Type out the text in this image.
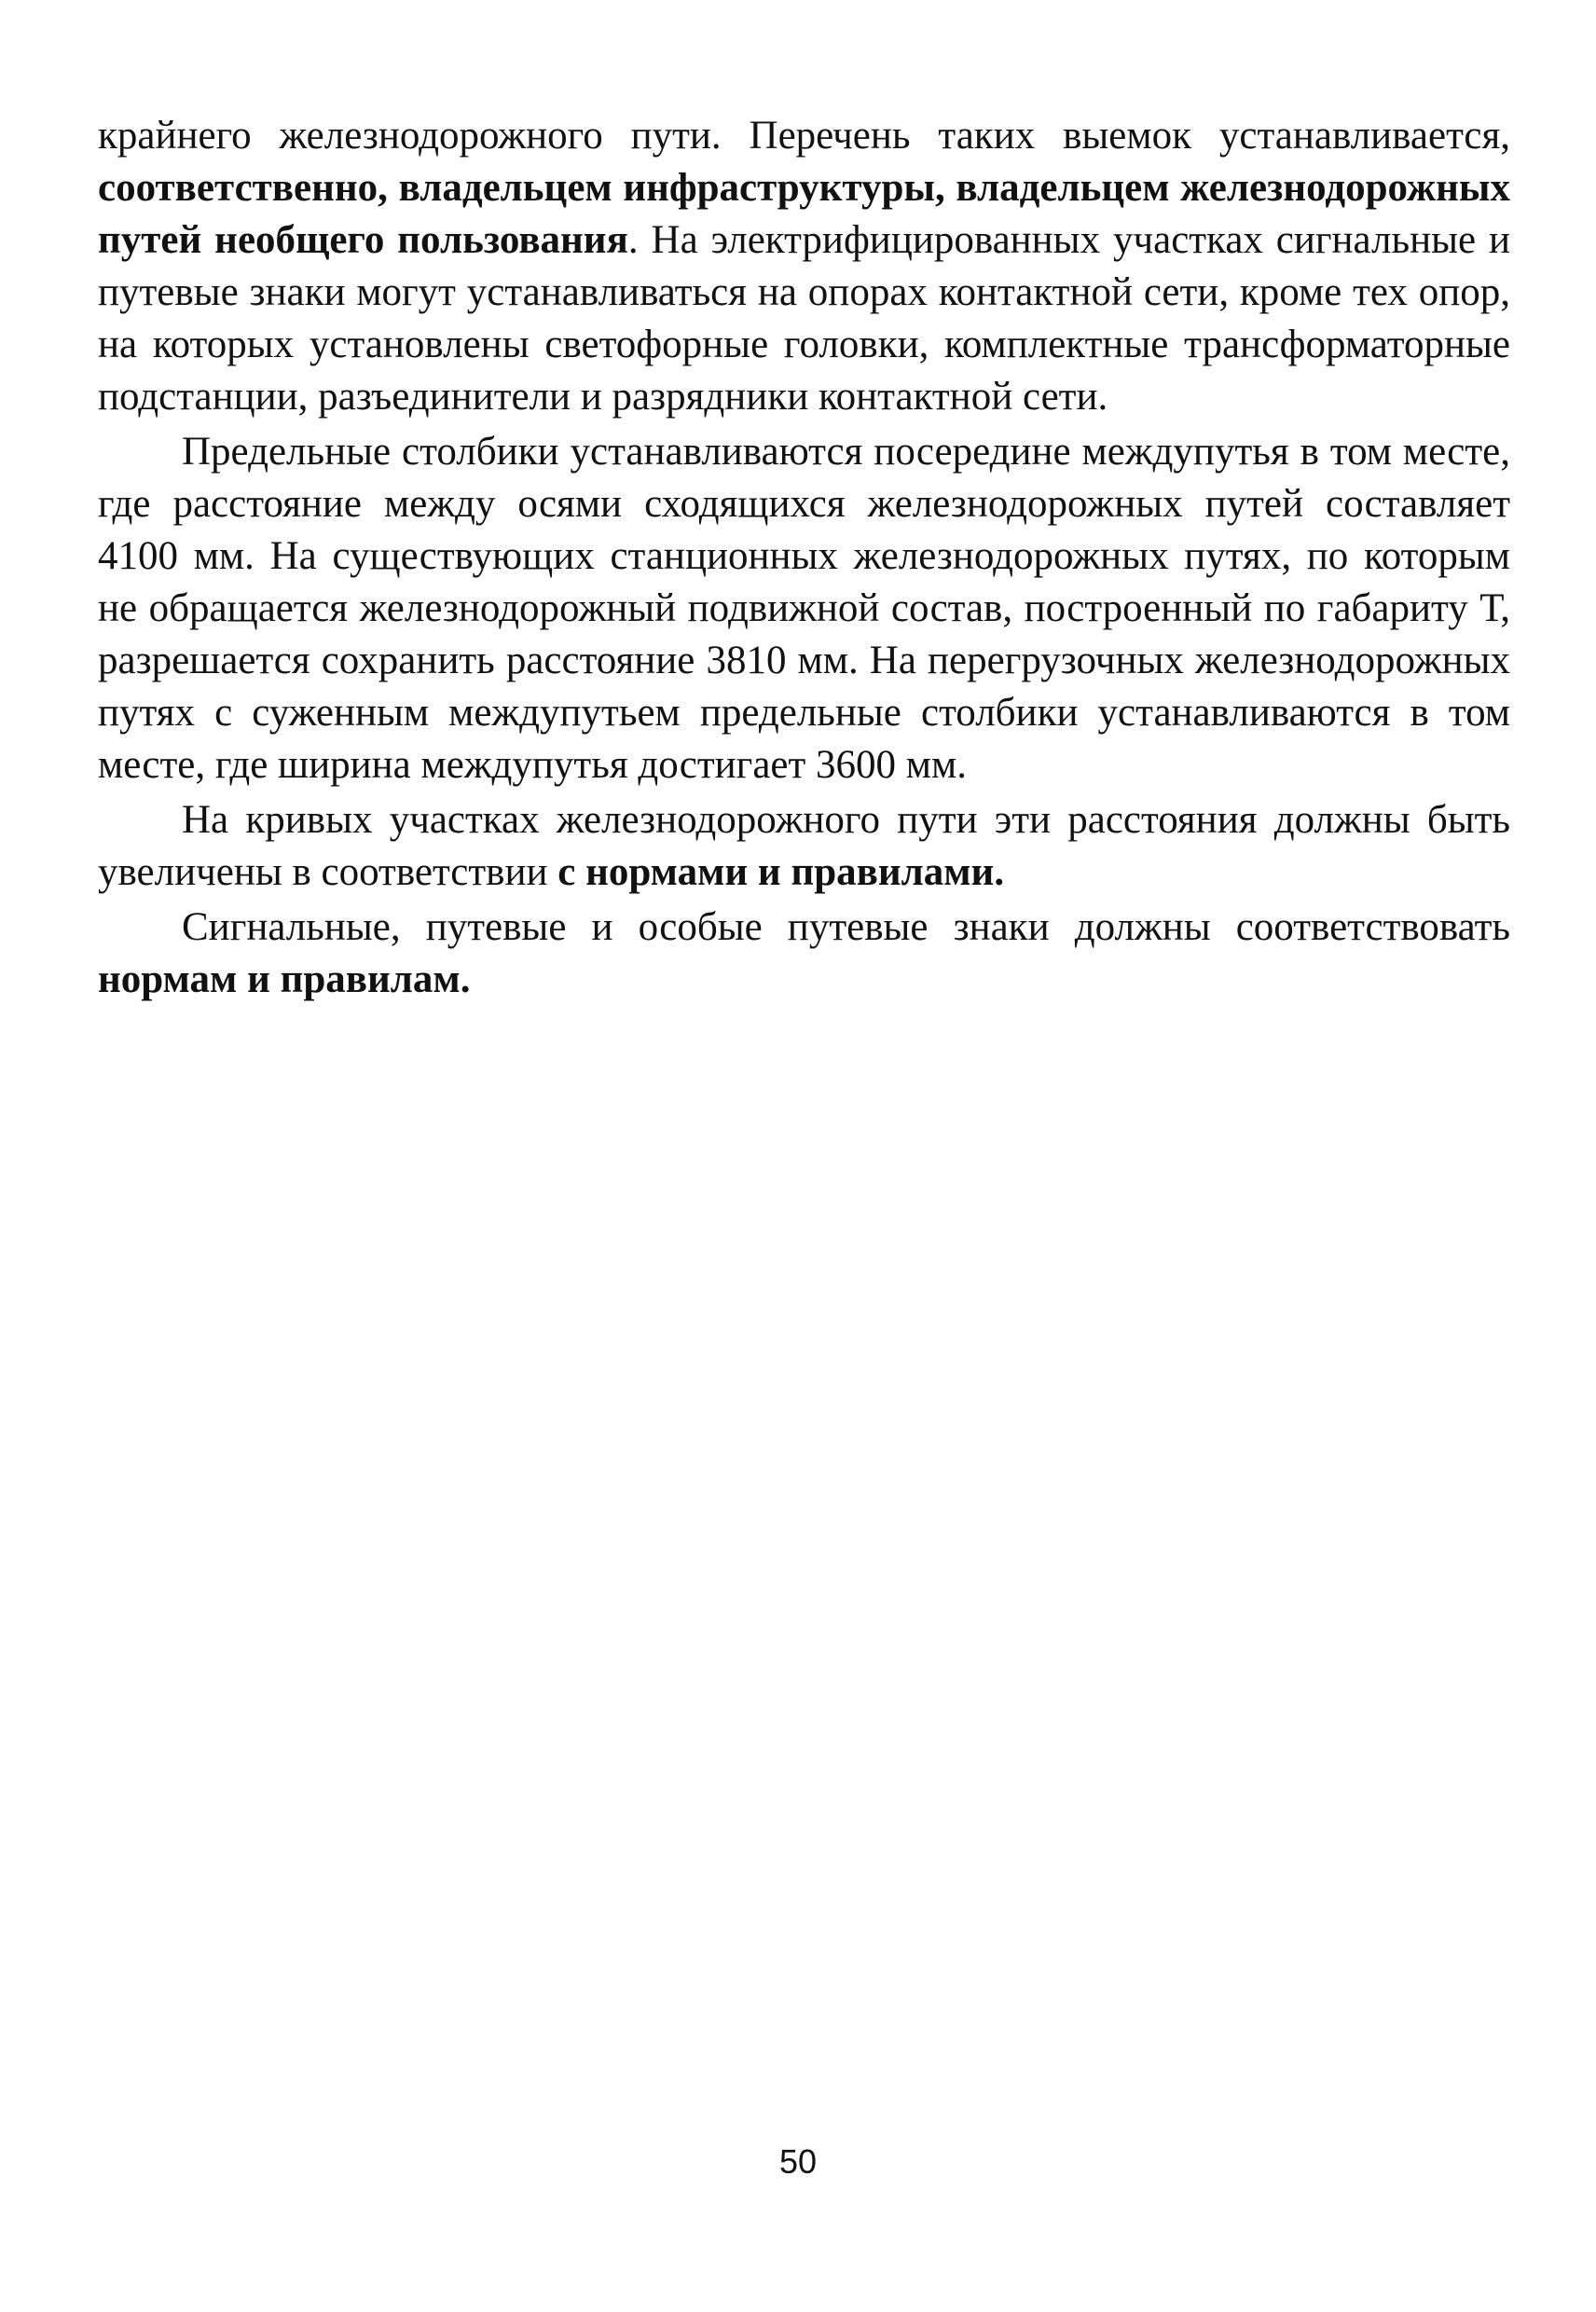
крайнего железнодорожного пути. Перечень таких выемок устанавливается, соответственно, владельцем инфраструктуры, владельцем железнодорожных путей необщего пользования. На электрифицированных участках сигнальные и путевые знаки могут устанавливаться на опорах контактной сети, кроме тех опор, на которых установлены светофорные головки, комплектные трансформаторные подстанции, разъединители и разрядники контактной сети.

Предельные столбики устанавливаются посередине междупутья в том месте, где расстояние между осями сходящихся железнодорожных путей составляет 4100 мм. На существующих станционных железнодорожных путях, по которым не обращается железнодорожный подвижной состав, построенный по габариту Т, разрешается сохранить расстояние 3810 мм. На перегрузочных железнодорожных путях с суженным междупутьем предельные столбики устанавливаются в том месте, где ширина междупутья достигает 3600 мм.

На кривых участках железнодорожного пути эти расстояния должны быть увеличены в соответствии с нормами и правилами.

Сигнальные, путевые и особые путевые знаки должны соответствовать нормам и правилам.

50
